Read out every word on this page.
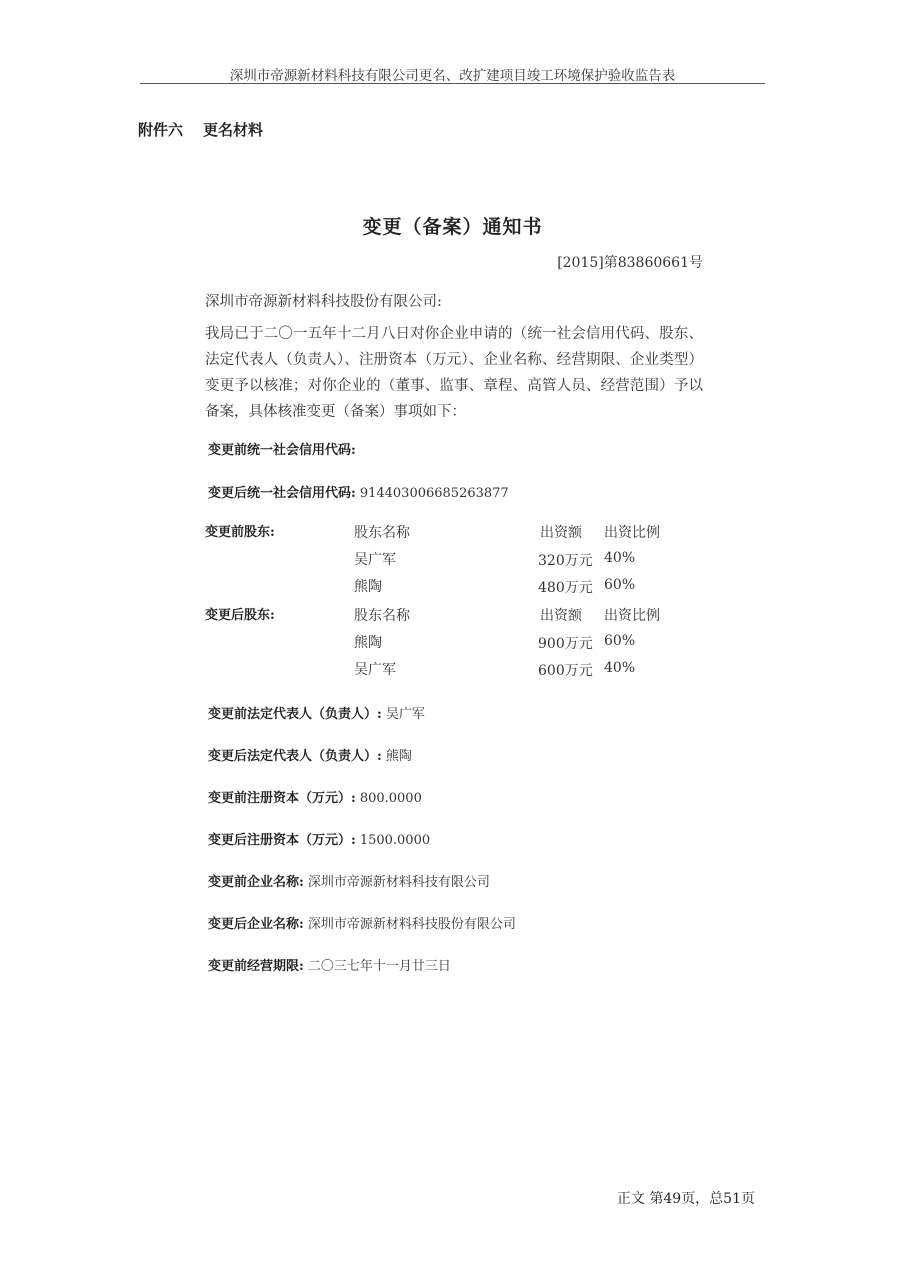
深圳市帝源新材料科技有限公司更名、改扩建项目竣工环境保护验收监告表
附件六 更名材料
变更（备案）通知书
[2015]第83860661号
深圳市帝源新材料科技股份有限公司:
我局已于二〇一五年十二月八日对你企业申请的（统一社会信用代码、股东、法定代表人（负责人）、注册资本（万元）、企业名称、经营期限、企业类型）变更予以核准；对你企业的（董事、监事、章程、高管人员、经营范围）予以备案，具体核准变更（备案）事项如下：
变更前统一社会信用代码:
变更后统一社会信用代码: 914403006685263877
变更前股东:	股东名称	出资额 出资比例
吴广军	320万元 40%
熊陶	480万元 60%
变更后股东:	股东名称	出资额 出资比例
熊陶	900万元 60%
吴广军	600万元 40%
变更前法定代表人（负责人）: 吴广军
变更后法定代表人（负责人）: 熊陶
变更前注册资本（万元）: 800.0000
变更后注册资本（万元）: 1500.0000
变更前企业名称: 深圳市帝源新材料科技有限公司
变更后企业名称: 深圳市帝源新材料科技股份有限公司
变更前经营期限: 二〇三七年十一月廿三日
正文 第49页，总51页
